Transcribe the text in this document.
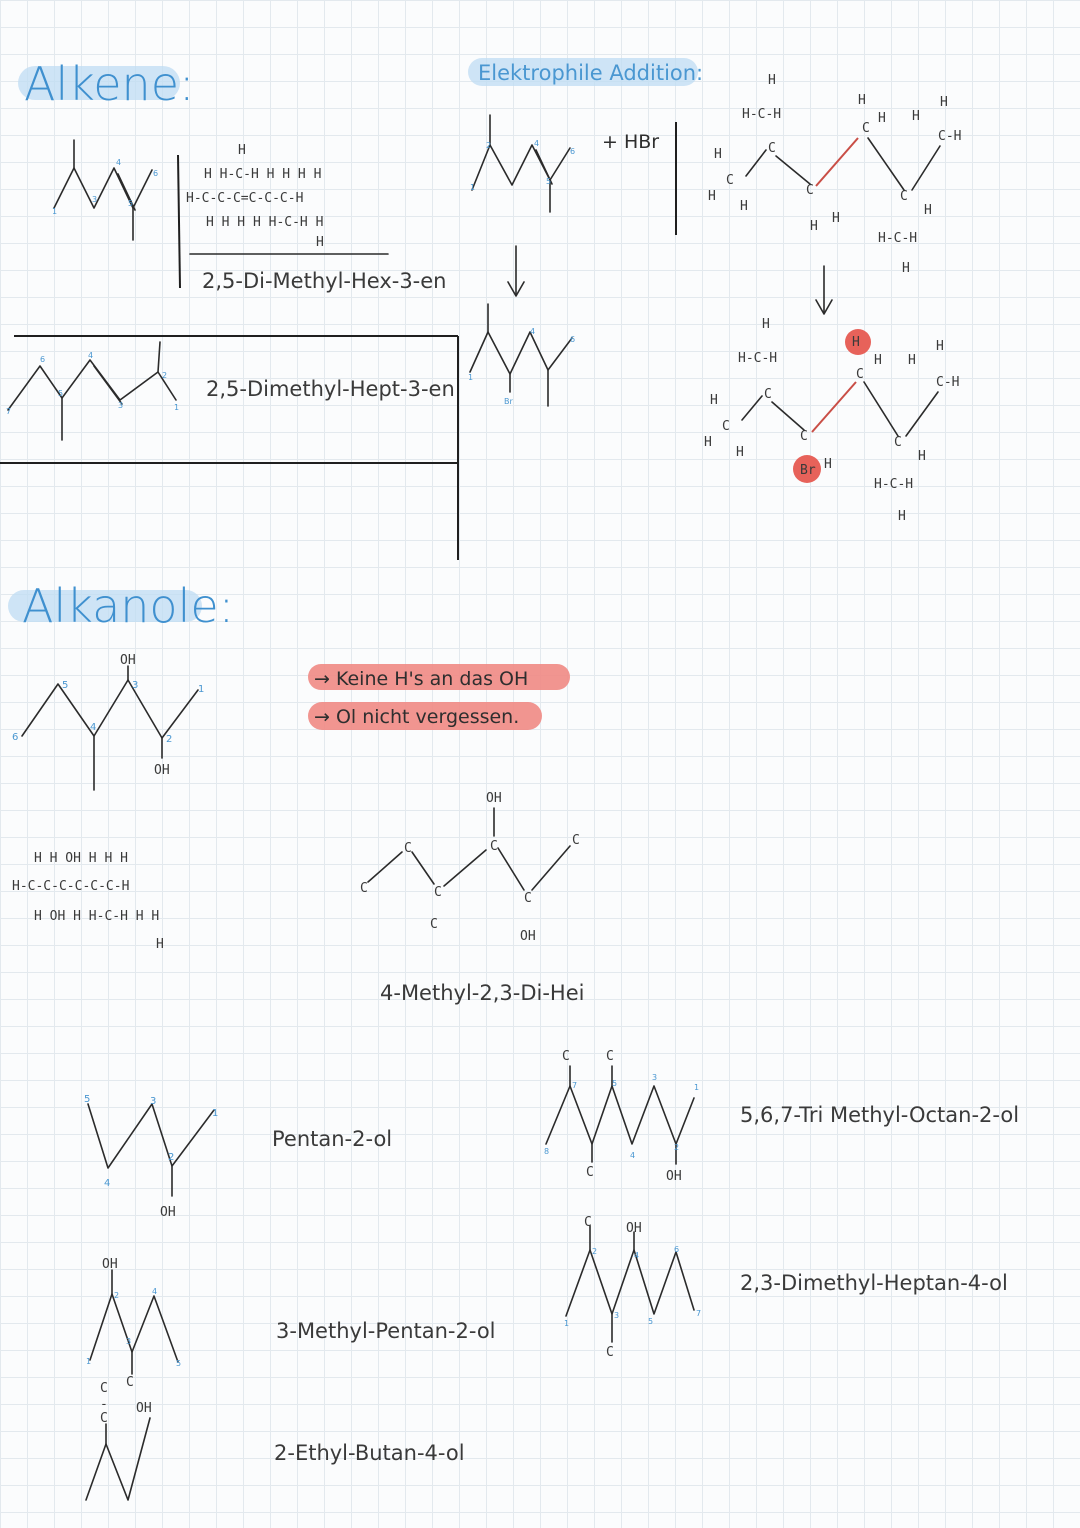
Alkene:
1
3
4
5
6
H
H H-C-H H H H H
H-C-C-C=C-C-C-H
H H H H H-C-H H
H
2,5-Di-Methyl-Hex-3-en
7
6
5
4
3
2
1
2,5-Dimethyl-Hept-3-en
Elektrophile Addition:
2	4
5
6
1
+ HBr
Br
1
4
6
H
H-C-H
C
H
C
H
H
C
H
H
H
C
H H
H
C-H
C
H
H-C-H
H
H
H-C-H
C
H
C
H
H
C
H
C
H H
H
C-H
C
H
H-C-H
H
H
Br
Alkanole:
OH
OH
6
5
4
3
2
1	→ Keine H's an das OH
→ Ol nicht vergessen.
H H OH H H H
H-C-C-C-C-C-C-H
H OH H H-C-H H H
H
OH
C
C
C	C
C
C
OH
C
4-Methyl-2,3-Di-Hei
5	3
4
2
1
OH
Pentan-2-ol
C	C
C	OH
8
7	5
4
3
2
1
5,6,7-Tri Methyl-Octan-2-ol
OH
C
1
2
3
4
5
3-Methyl-Pentan-2-ol
C	OH
C
1
2
3
4
5
6
7
2,3-Dimethyl-Heptan-4-ol
C
-
C
OH
2-Ethyl-Butan-4-ol
